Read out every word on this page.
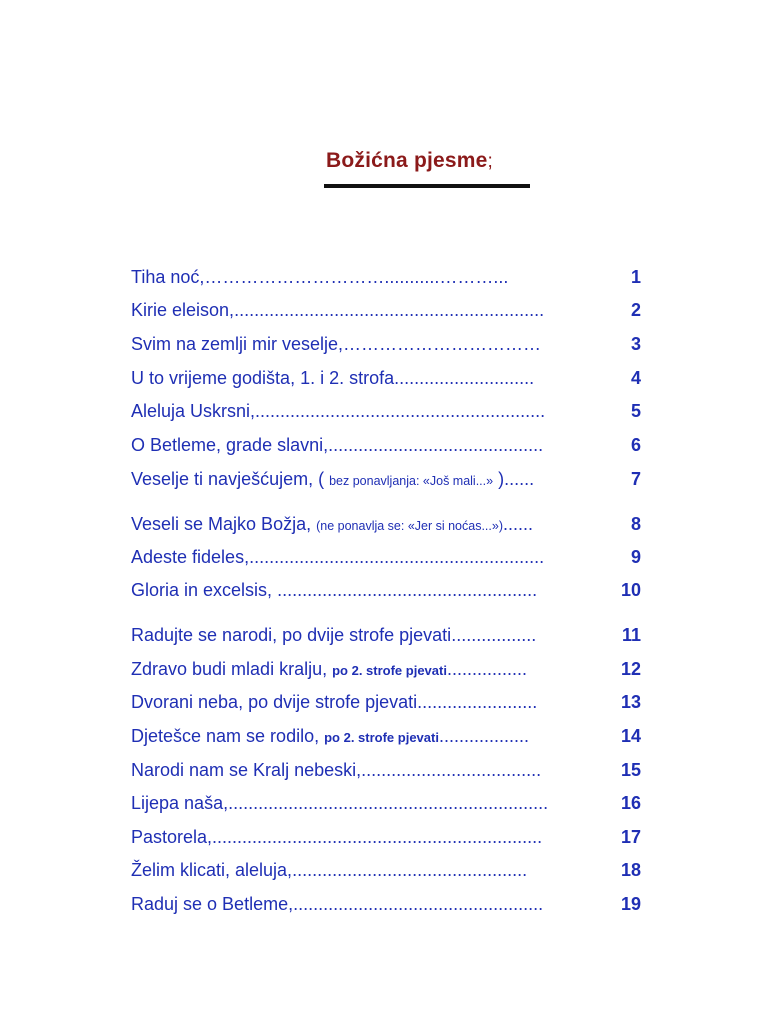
Božićna pjesme;
Tiha noć,…………………………...........………...	1
Kirie eleison,..............................................................	2
Svim na zemlji mir veselje,……………………………	3
U to vrijeme godišta, 1. i 2. strofa............................	4
Aleluja Uskrsni,..........................................................	5
O Betleme, grade slavni,...........................................	6
Veselje ti navješćujem, ( bez ponavljanja: «Još mali...» )......	7
Veseli se Majko Božja, (ne ponavlja se: «Jer si noćas...»)......	8
Adeste fideles,...........................................................	9
Gloria in excelsis, ....................................................	10
Radujte se narodi, po dvije strofe pjevati.................	11
Zdravo budi mladi kralju, po 2. strofe pjevati................	12
Dvorani neba, po dvije strofe pjevati........................	13
Djetešce nam se rodilo, po 2. strofe pjevati..................	14
Narodi nam se Kralj nebeski,....................................	15
Lijepa naša,................................................................	16
Pastorela,..................................................................	17
Želim klicati, aleluja,...............................................	18
Raduj se o Betleme,..................................................	19
